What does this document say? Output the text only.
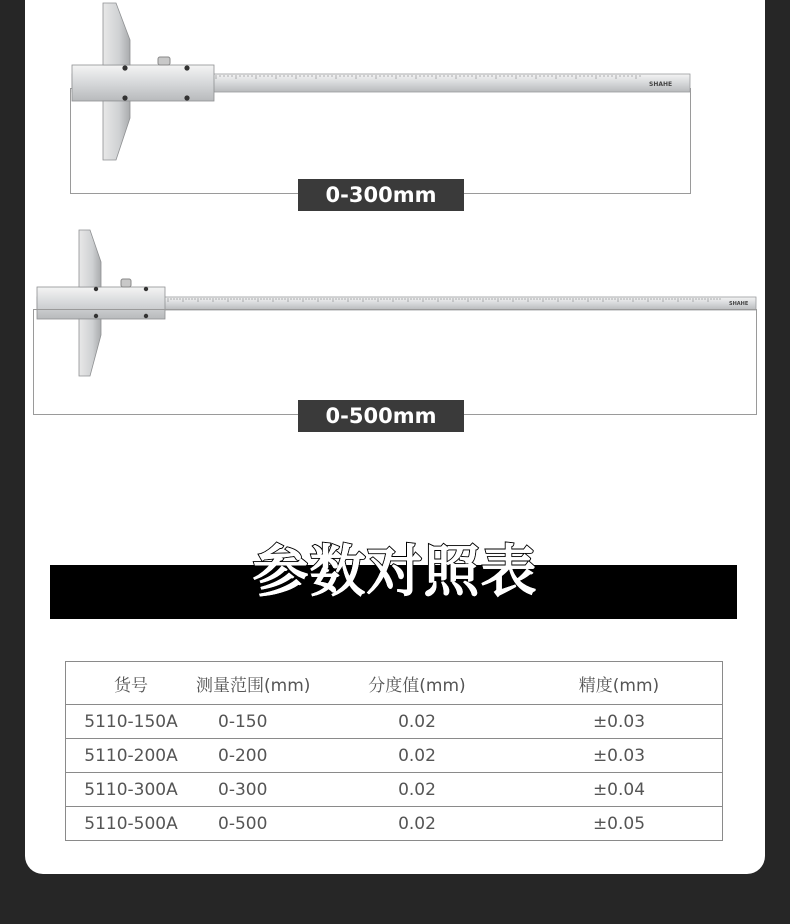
SHAHE
SHAHE
0-300mm
0-500mm
参数对照表
货号	测量范围(mm)	分度值(mm)	精度(mm)
5110-150A	0-150	0.02	±0.03
5110-200A	0-200	0.02	±0.03
5110-300A	0-300	0.02	±0.04
5110-500A	0-500	0.02	±0.05
